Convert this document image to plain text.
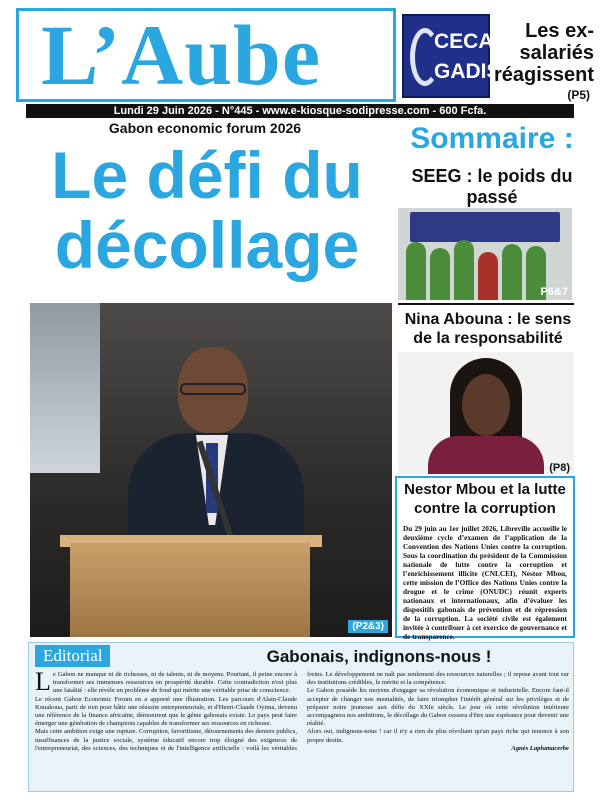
L’Aube	CECA
GADIS
Les ex-salariés réagissent
(P5)
Lundi 29 Juin 2026 - N°445 - www.e-kiosque-sodipresse.com - 600 Fcfa.
Gabon economic forum 2026
Le défi du décollage
(P2&3)
Sommaire :
SEEG : le poids du passé
P6&7
Nina Abouna : le sens de la responsabilité
(P8)
Nestor Mbou et la lutte contre la corruption
Du 29 juin au 1er juillet 2026, Libreville accueille le deuxième cycle d’examen de l’application de la Convention des Nations Unies contre la corruption. Sous la coordination du président de la Commission nationale de lutte contre la corruption et l’enrichissement illicite (CNLCEI), Nestor Mbou, cette mission de l’Office des Nations Unies contre la drogue et le crime (ONUDC) réunit experts nationaux et internationaux, afin d’évaluer les dispositifs gabonais de prévention et de répression de la corruption. La société civile est également invitée à contribuer à cet exercice de gouvernance et de transparence.
Editorial	Gabonais, indignons-nous !

Le Gabon ne manque ni de richesses, ni de talents, ni de moyens. Pourtant, il peine encore à transformer ses immenses ressources en prospérité durable. Cette contradiction n'est plus une fatalité : elle révèle un problème de fond qui mérite une véritable prise de conscience.

Le récent Gabon Economic Forum en a apporté une illustration. Les parcours d'Alain-Claude Kouakoua, parti de rien pour bâtir une réussite entrepreneuriale, et d'Henri-Claude Oyima, devenu une référence de la finance africaine, démontrent que le génie gabonais existe. Le pays peut faire émerger une génération de champions capables de transformer ses ressources en richesse.

Mais cette ambition exige une rupture. Corruption, favoritisme, détournements des deniers publics, insuffisances de la justice sociale, système éducatif encore trop éloigné des exigences de l'entrepreneuriat, des sciences, des techniques et de l'intelligence artificielle : voilà les véritables freins. Le développement ne naît pas seulement des ressources naturelles ; il repose avant tout sur des institutions crédibles, le mérite et la compétence.

Le Gabon possède les moyens d'engager sa révolution économique et industrielle. Encore faut-il accepter de changer nos mentalités, de faire triompher l'intérêt général sur les privilèges et de préparer notre jeunesse aux défis du XXIe siècle. Le jour où cette révolution intérieure accompagnera nos ambitions, le décollage du Gabon cessera d'être une espérance pour devenir une réalité.

Alors oui, indignons-nous ! car il n'y a rien de plus révoltant qu'un pays riche qui renonce à son propre destin.

Agnès Laplumacerbe
